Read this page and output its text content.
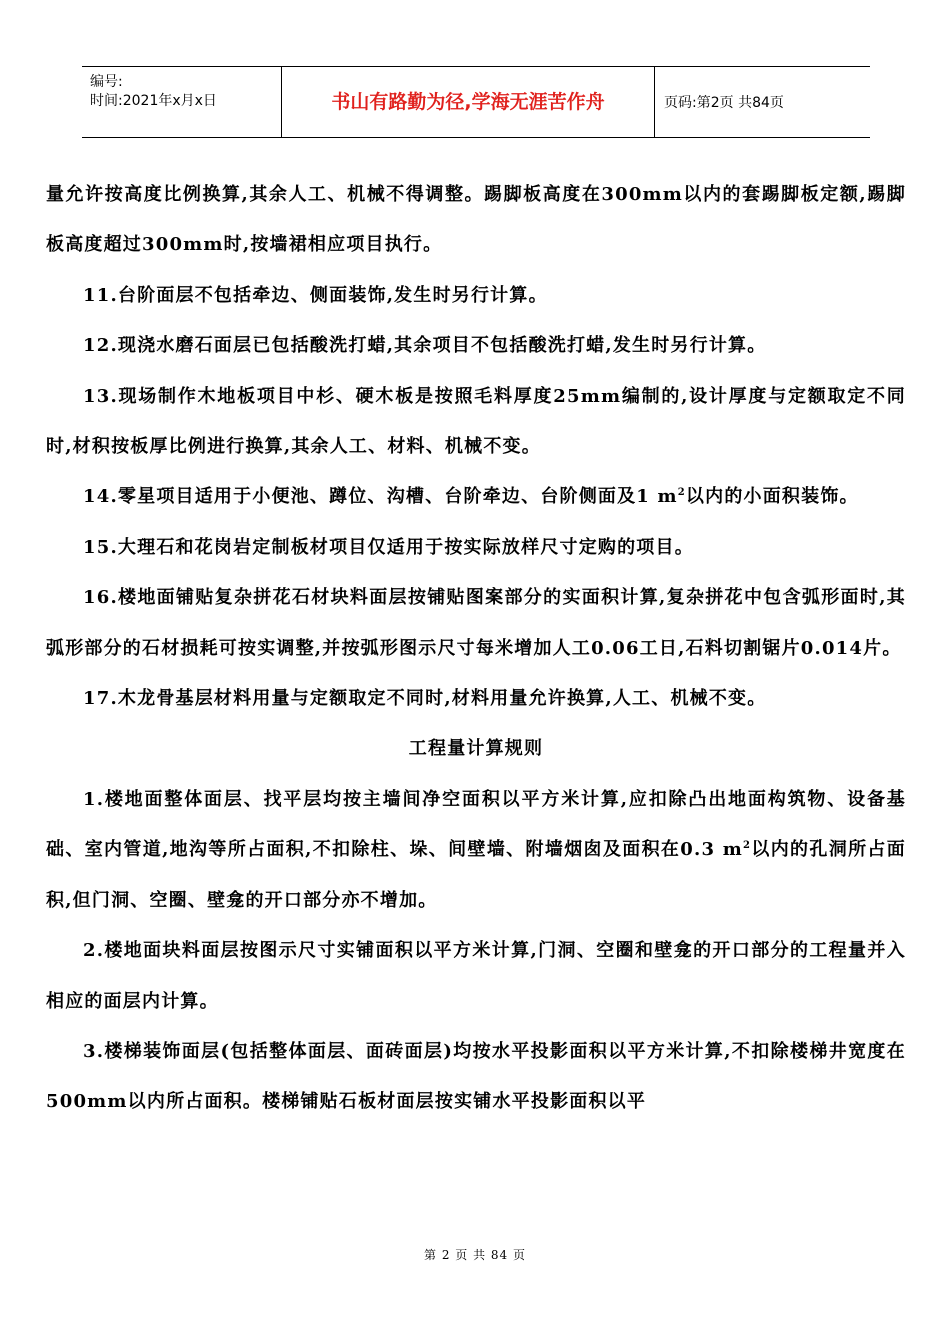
编号:
时间:2021年x月x日	书山有路勤为径,学海无涯苦作舟	页码:第2页 共84页

量允许按高度比例换算,其余人工、机械不得调整。踢脚板高度在300mm以内的套踢脚板定额,踢脚板高度超过300mm时,按墙裙相应项目执行。

11.台阶面层不包括牵边、侧面装饰,发生时另行计算。

12.现浇水磨石面层已包括酸洗打蜡,其余项目不包括酸洗打蜡,发生时另行计算。

13.现场制作木地板项目中杉、硬木板是按照毛料厚度25mm编制的,设计厚度与定额取定不同时,材积按板厚比例进行换算,其余人工、材料、机械不变。

14.零星项目适用于小便池、蹲位、沟槽、台阶牵边、台阶侧面及1 $m^2$以内的小面积装饰。

15.大理石和花岗岩定制板材项目仅适用于按实际放样尺寸定购的项目。

16.楼地面铺贴复杂拼花石材块料面层按铺贴图案部分的实面积计算,复杂拼花中包含弧形面时,其弧形部分的石材损耗可按实调整,并按弧形图示尺寸每米增加人工0.06工日,石料切割锯片0.014片。

17.木龙骨基层材料用量与定额取定不同时,材料用量允许换算,人工、机械不变。

工程量计算规则

1.楼地面整体面层、找平层均按主墙间净空面积以平方米计算,应扣除凸出地面构筑物、设备基础、室内管道,地沟等所占面积,不扣除柱、垛、间壁墙、附墙烟囱及面积在0.3 $m^2$以内的孔洞所占面积,但门洞、空圈、壁龛的开口部分亦不增加。

2.楼地面块料面层按图示尺寸实铺面积以平方米计算,门洞、空圈和壁龛的开口部分的工程量并入相应的面层内计算。

3.楼梯装饰面层(包括整体面层、面砖面层)均按水平投影面积以平方米计算,不扣除楼梯井宽度在500mm以内所占面积。楼梯铺贴石板材面层按实铺水平投影面积以平

第 2 页 共 84 页
